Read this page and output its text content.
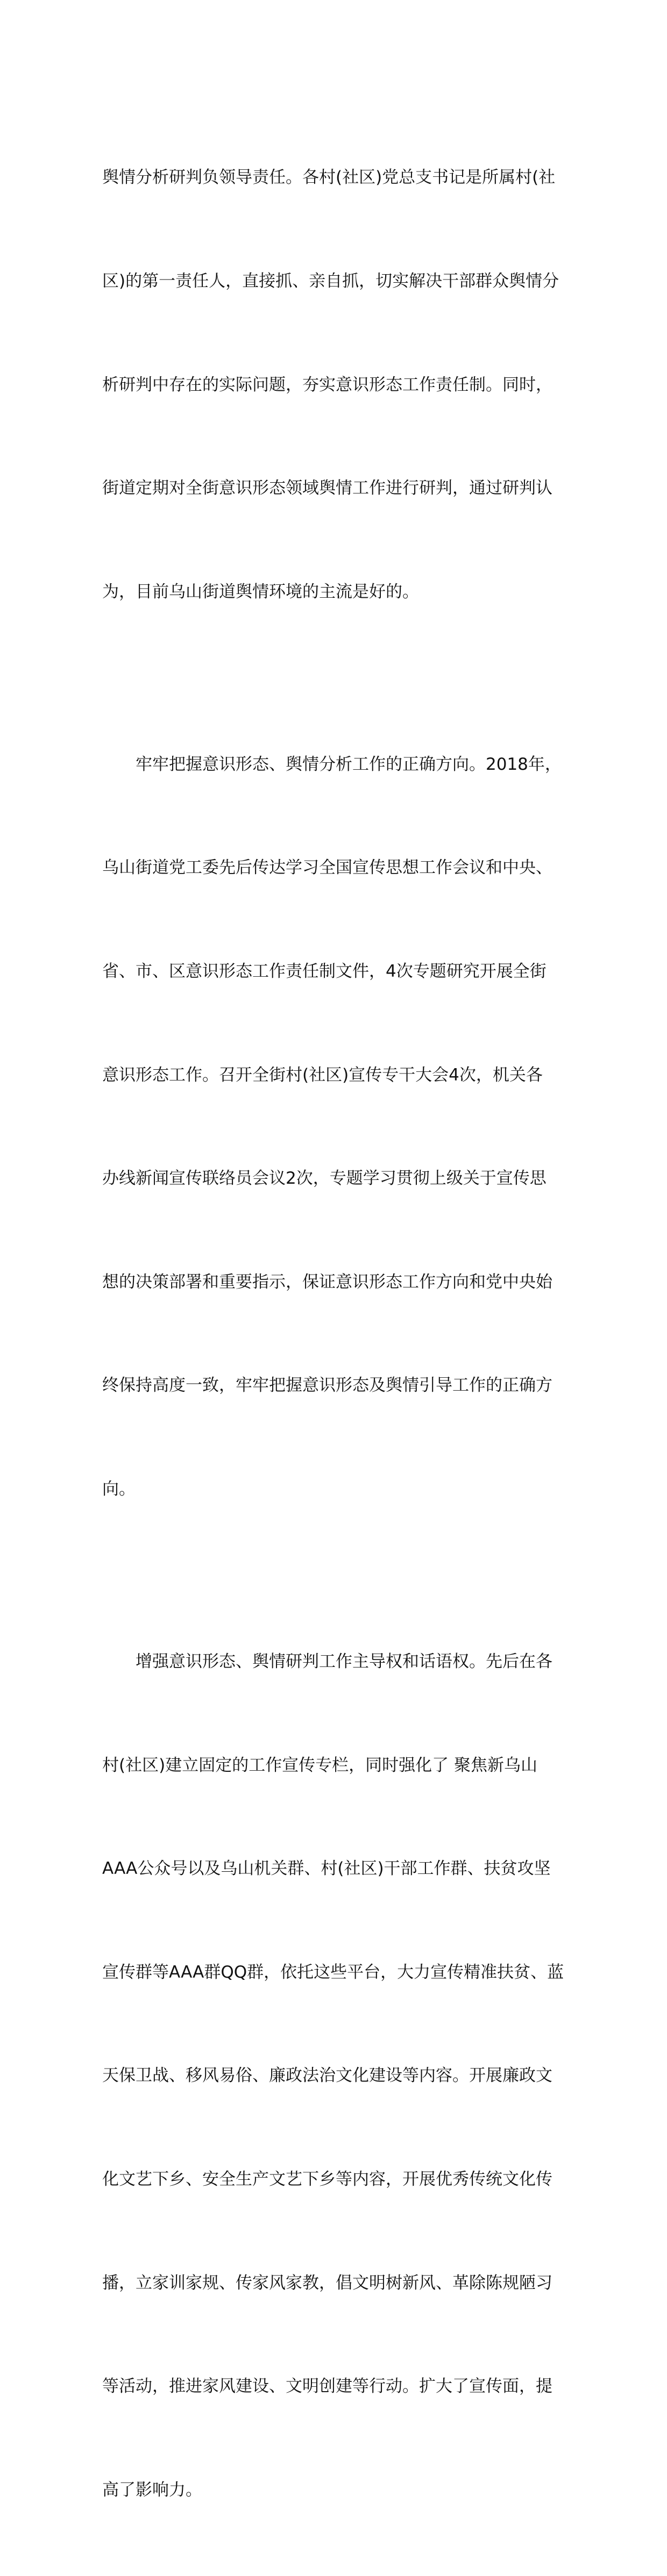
舆情分析研判负领导责任。各村(社区)党总支书记是所属村(社

区)的第一责任人，直接抓、亲自抓，切实解决干部群众舆情分

析研判中存在的实际问题，夯实意识形态工作责任制。同时，

街道定期对全街意识形态领域舆情工作进行研判，通过研判认

为，目前乌山街道舆情环境的主流是好的。

牢牢把握意识形态、舆情分析工作的正确方向。2018年，

乌山街道党工委先后传达学习全国宣传思想工作会议和中央、

省、市、区意识形态工作责任制文件，4次专题研究开展全街

意识形态工作。召开全街村(社区)宣传专干大会4次，机关各

办线新闻宣传联络员会议2次，专题学习贯彻上级关于宣传思

想的决策部署和重要指示，保证意识形态工作方向和党中央始

终保持高度一致，牢牢把握意识形态及舆情引导工作的正确方

向。

增强意识形态、舆情研判工作主导权和话语权。先后在各

村(社区)建立固定的工作宣传专栏，同时强化了 聚焦新乌山

AAA公众号以及乌山机关群、村(社区)干部工作群、扶贫攻坚

宣传群等AAA群QQ群，依托这些平台，大力宣传精准扶贫、蓝

天保卫战、移风易俗、廉政法治文化建设等内容。开展廉政文

化文艺下乡、安全生产文艺下乡等内容，开展优秀传统文化传

播，立家训家规、传家风家教，倡文明树新风、革除陈规陋习

等活动，推进家风建设、文明创建等行动。扩大了宣传面，提

高了影响力。
